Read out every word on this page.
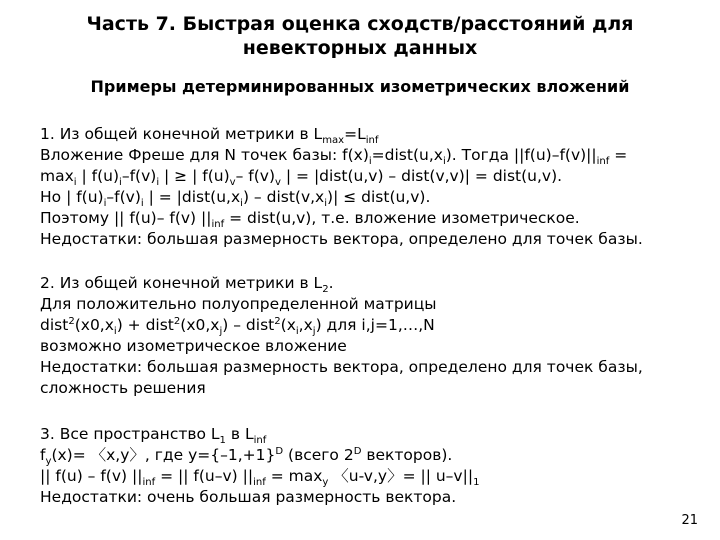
Часть 7. Быстрая оценка сходств/расстояний для невекторных данных
Примеры детерминированных изометрических вложений
1. Из общей конечной метрики в $L_{max}=L_{inf}$
Вложение Фреше для N точек базы: $f(x)_i=dist(u,x_i)$. Тогда $||f(u)-f(v)||_{inf}$ =
$\max_i$ | $f(u)_i-f(v)_i$ | ≥ | $f(u)_v-$ $f(v)_v$ | = |dist(u,v) – dist(v,v)| = dist(u,v).
Но | $f(u)_i-f(v)_i$ | = $|dist(u,x_i)$ – $dist(v,x_i)|$ ≤ dist(u,v).
Поэтому || f(u)– f(v) $||_{inf}$ = dist(u,v), т.е. вложение изометрическое.
Недостатки: большая размерность вектора, определено для точек базы.
2. Из общей конечной метрики в $L_2$.
Для положительно полуопределенной матрицы
$dist^2(x0,x_i)$ + $dist^2(x0,x_j)$ – $dist^2(x_i,x_j)$ для i,j=1,…,N
возможно изометрическое вложение
Недостатки: большая размерность вектора, определено для точек базы,
сложность решения
3. Все пространство $L_1$ в $L_{inf}$
$f_y(x)=$ 〈x,y〉, где $y=\{-1,+1\}^D$ (всего $2^D$ векторов).
|| f(u) – f(v) $||_{inf}$ = || f(u–v) $||_{inf} = \max_y$ 〈u-v,y〉= || $u-v||_1$
Недостатки: очень большая размерность вектора.
21
